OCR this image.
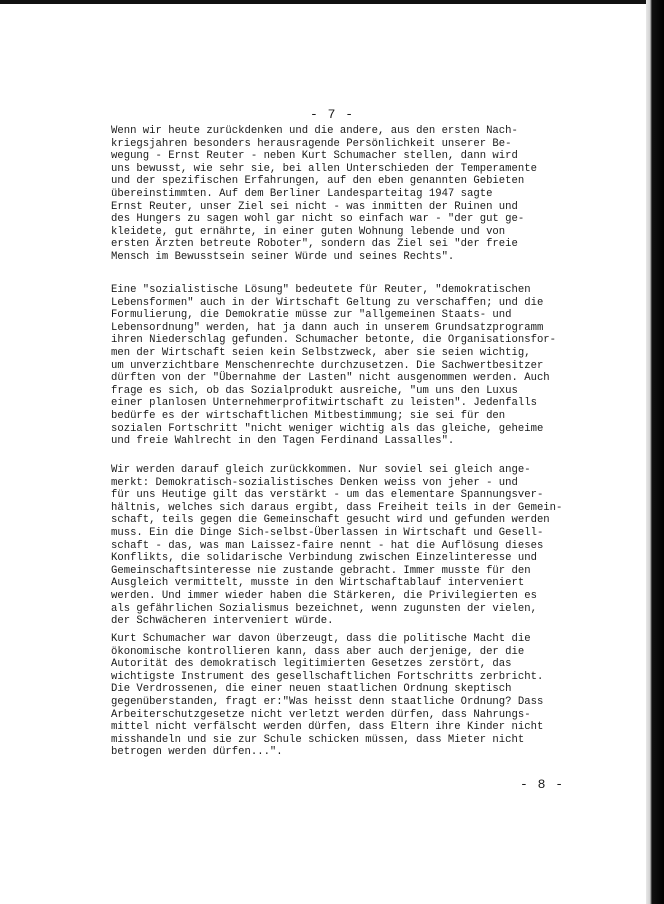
- 7 -

Wenn wir heute zurückdenken und die andere, aus den ersten Nach-
kriegsjahren besonders herausragende Persönlichkeit unserer Be-
wegung - Ernst Reuter - neben Kurt Schumacher stellen, dann wird
uns bewusst, wie sehr sie, bei allen Unterschieden der Temperamente
und der spezifischen Erfahrungen, auf den eben genannten Gebieten
übereinstimmten. Auf dem Berliner Landesparteitag 1947 sagte
Ernst Reuter, unser Ziel sei nicht - was inmitten der Ruinen und
des Hungers zu sagen wohl gar nicht so einfach war - "der gut ge-
kleidete, gut ernährte, in einer guten Wohnung lebende und von
ersten Ärzten betreute Roboter", sondern das Ziel sei "der freie
Mensch im Bewusstsein seiner Würde und seines Rechts".

Eine "sozialistische Lösung" bedeutete für Reuter, "demokratischen
Lebensformen" auch in der Wirtschaft Geltung zu verschaffen; und die
Formulierung, die Demokratie müsse zur "allgemeinen Staats- und
Lebensordnung" werden, hat ja dann auch in unserem Grundsatzprogramm
ihren Niederschlag gefunden. Schumacher betonte, die Organisationsfor-
men der Wirtschaft seien kein Selbstzweck, aber sie seien wichtig,
um unverzichtbare Menschenrechte durchzusetzen. Die Sachwertbesitzer
dürften von der "Übernahme der Lasten" nicht ausgenommen werden. Auch
frage es sich, ob das Sozialprodukt ausreiche, "um uns den Luxus
einer planlosen Unternehmerprofitwirtschaft zu leisten". Jedenfalls
bedürfe es der wirtschaftlichen Mitbestimmung; sie sei für den
sozialen Fortschritt "nicht weniger wichtig als das gleiche, geheime
und freie Wahlrecht in den Tagen Ferdinand Lassalles".

Wir werden darauf gleich zurückkommen. Nur soviel sei gleich ange-
merkt: Demokratisch-sozialistisches Denken weiss von jeher - und
für uns Heutige gilt das verstärkt - um das elementare Spannungsver-
hältnis, welches sich daraus ergibt, dass Freiheit teils in der Gemein-
schaft, teils gegen die Gemeinschaft gesucht wird und gefunden werden
muss. Ein die Dinge Sich-selbst-Überlassen in Wirtschaft und Gesell-
schaft - das, was man Laissez-faire nennt - hat die Auflösung dieses
Konflikts, die solidarische Verbindung zwischen Einzelinteresse und
Gemeinschaftsinteresse nie zustande gebracht. Immer musste für den
Ausgleich vermittelt, musste in den Wirtschaftablauf interveniert
werden. Und immer wieder haben die Stärkeren, die Privilegierten es
als gefährlichen Sozialismus bezeichnet, wenn zugunsten der vielen,
der Schwächeren interveniert würde.

Kurt Schumacher war davon überzeugt, dass die politische Macht die
ökonomische kontrollieren kann, dass aber auch derjenige, der die
Autorität des demokratisch legitimierten Gesetzes zerstört, das
wichtigste Instrument des gesellschaftlichen Fortschritts zerbricht.
Die Verdrossenen, die einer neuen staatlichen Ordnung skeptisch
gegenüberstanden, fragt er:"Was heisst denn staatliche Ordnung? Dass
Arbeiterschutzgesetze nicht verletzt werden dürfen, dass Nahrungs-
mittel nicht verfälscht werden dürfen, dass Eltern ihre Kinder nicht
misshandeln und sie zur Schule schicken müssen, dass Mieter nicht
betrogen werden dürfen...".

- 8 -
